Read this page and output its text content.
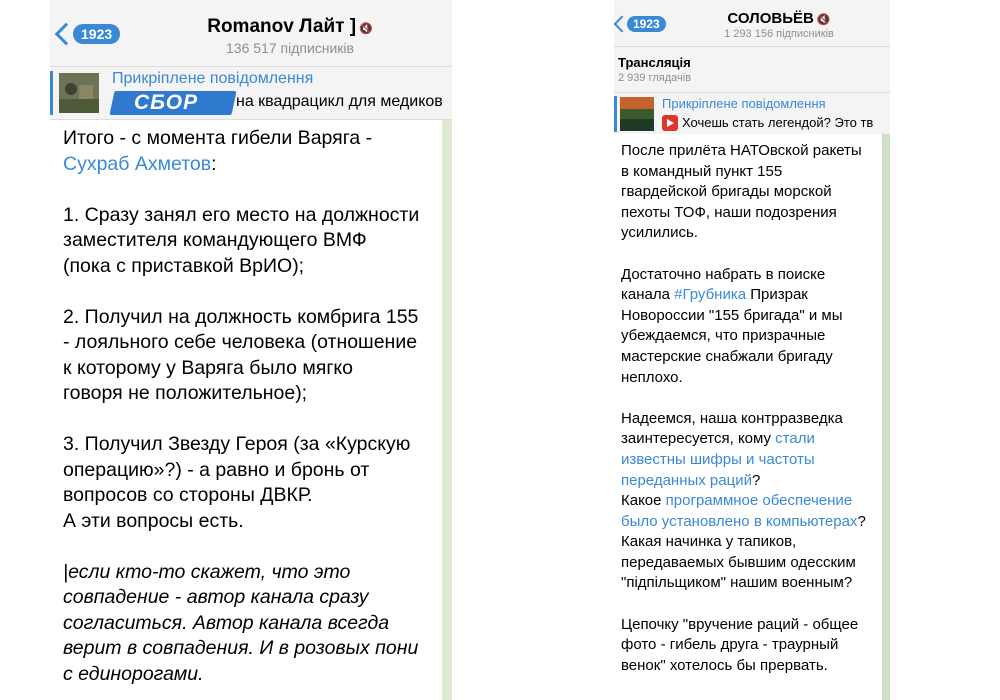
1923	Romanov Лайт ] 🔇
136 517 підписників
Прикріплене повідомлення
СБОР на квадрацикл для медиков

Итого - с момента гибели Варяга -

Сухраб Ахметов:

1. Сразу занял его место на должности

заместителя командующего ВМФ

(пока с приставкой ВрИО);

2. Получил на должность комбрига 155

- лояльного себе человека (отношение

к которому у Варяга было мягко

говоря не положительное);

3. Получил Звезду Героя (за «Курскую

операцию»?) - а равно и бронь от

вопросов со стороны ДВКР.

А эти вопросы есть.

|если кто-то скажет, что это

совпадение - автор канала сразу

согласиться. Автор канала всегда

верит в совпадения. И в розовых пони

с единорогами.

1923	СОЛОВЬЁВ 🔇
1 293 156 підписників
Трансляція
2 939 глядачів
Прикріплене повідомлення
Хочешь стать легендой? Это тв

После прилёта НАТОвской ракеты

в командный пункт 155

гвардейской бригады морской

пехоты ТОФ, наши подозрения

усилились.

Достаточно набрать в поиске

канала #Грубника Призрак

Новороссии "155 бригада" и мы

убеждаемся, что призрачные

мастерские снабжали бригаду

неплохо.

Надеемся, наша контрразведка

заинтересуется, кому стали

известны шифры и частоты

переданных раций?

Какое программное обеспечение

было установлено в компьютерах?

Какая начинка у тапиков,

передаваемых бывшим одесским

"підпільщиком" нашим военным?

Цепочку "вручение раций - общее

фото - гибель друга - траурный

венок" хотелось бы прервать.
